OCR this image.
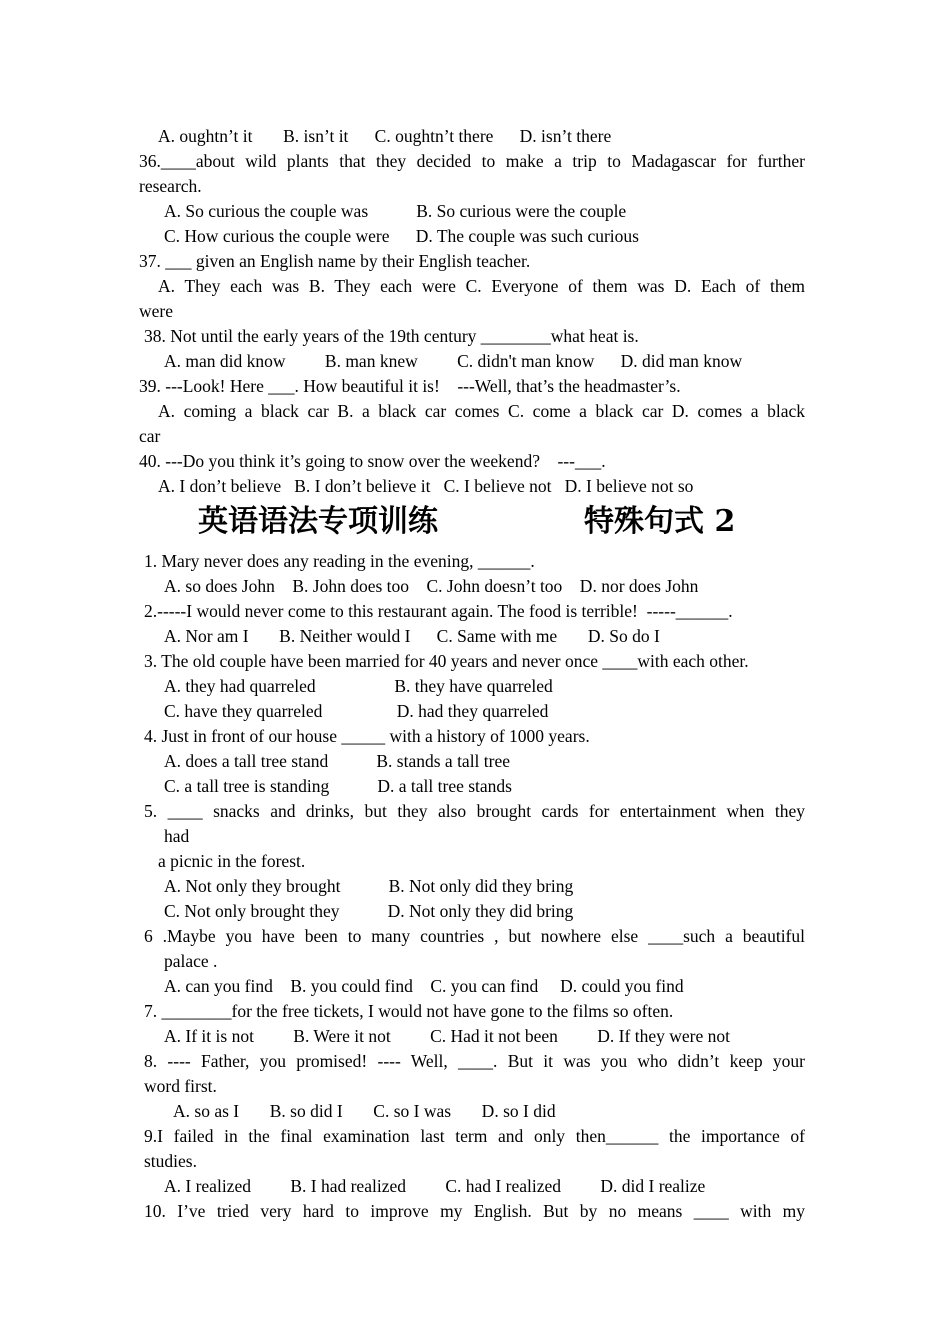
A. oughtn’t it       B. isn’t it      C. oughtn’t there      D. isn’t there
36.____about wild plants that they decided to make a trip to Madagascar for further
research.
A. So curious the couple was           B. So curious were the couple
C. How curious the couple were      D. The couple was such curious
37. ___ given an English name by their English teacher.
A. They each was B. They each were C. Everyone of them was D. Each of them
were
38. Not until the early years of the 19th century ________what heat is.
A. man did know         B. man knew         C. didn't man know      D. did man know
39. ---Look! Here ___. How beautiful it is!    ---Well, that’s the headmaster’s.
A. coming a black car B. a black car comes C. come a black car D. comes a black
car
40. ---Do you think it’s going to snow over the weekend?    ---___.
A. I don’t believe   B. I don’t believe it   C. I believe not   D. I believe not so
英语语法专项训练	特殊句式 2
1. Mary never does any reading in the evening, ______.
A. so does John    B. John does too    C. John doesn’t too    D. nor does John
2.-----I would never come to this restaurant again. The food is terrible!  -----______.
A. Nor am I       B. Neither would I      C. Same with me       D. So do I
3. The old couple have been married for 40 years and never once ____with each other.
A. they had quarreled                  B. they have quarreled
C. have they quarreled                 D. had they quarreled
4. Just in front of our house _____ with a history of 1000 years.
A. does a tall tree stand           B. stands a tall tree
C. a tall tree is standing           D. a tall tree stands
5. ____ snacks and drinks, but they also brought cards for entertainment when they
had
a picnic in the forest.
A. Not only they brought           B. Not only did they bring
C. Not only brought they           D. Not only they did bring
6 .Maybe you have been to many countries , but nowhere else ____such a beautiful
palace .
A. can you find    B. you could find    C. you can find     D. could you find
7. ________for the free tickets, I would not have gone to the films so often.
A. If it is not         B. Were it not         C. Had it not been         D. If they were not
8. ---- Father, you promised! ---- Well, ____. But it was you who didn’t keep your
word first.
A. so as I       B. so did I       C. so I was       D. so I did
9.I failed in the final examination last term and only then______ the importance of
studies.
A. I realized         B. I had realized         C. had I realized         D. did I realize
10. I’ve tried very hard to improve my English. But by no means ____ with my
